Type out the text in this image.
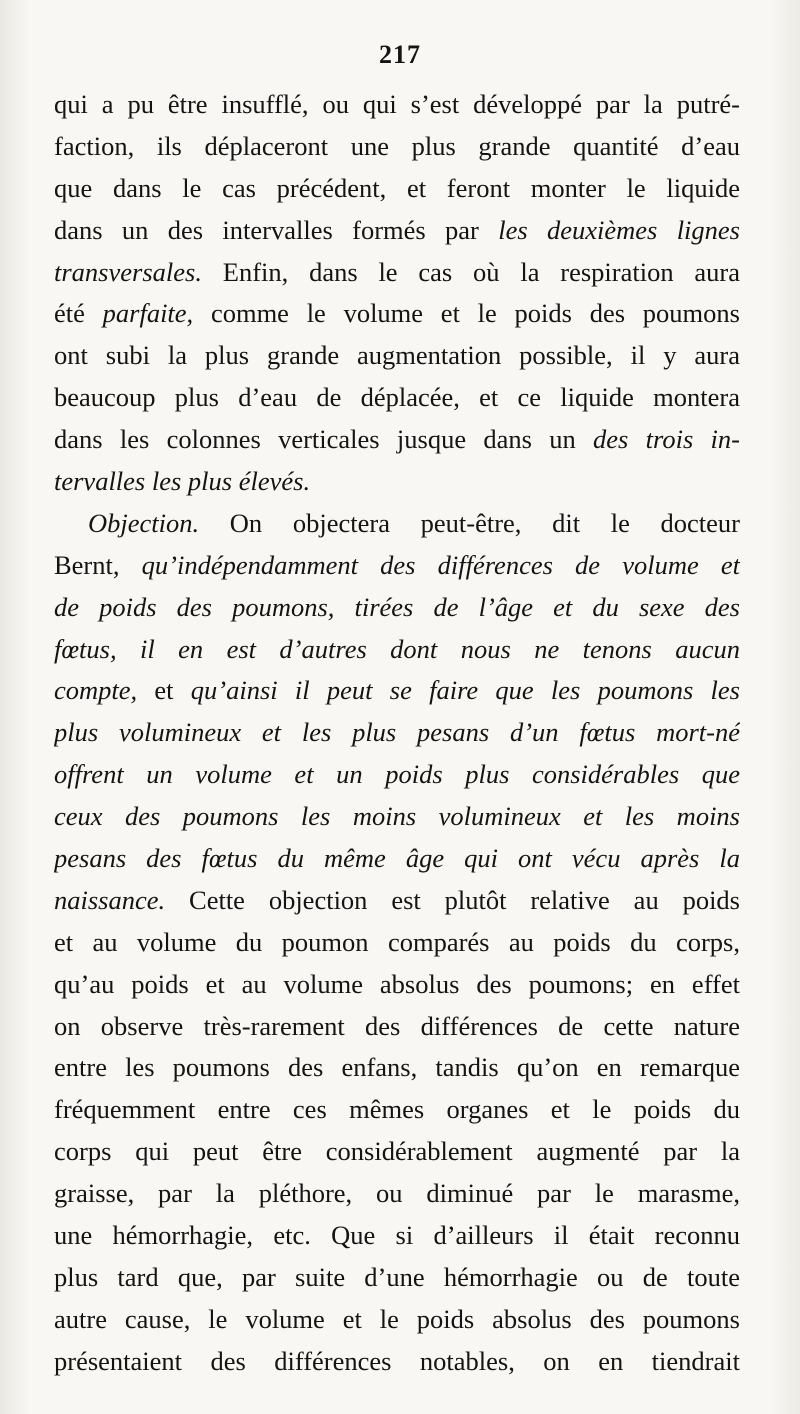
217
qui a pu être insufflé, ou qui s’est développé par la putré-
faction, ils déplaceront une plus grande quantité d’eau
que dans le cas précédent, et feront monter le liquide
dans un des intervalles formés par les deuxièmes lignes
transversales. Enfin, dans le cas où la respiration aura
été parfaite, comme le volume et le poids des poumons
ont subi la plus grande augmentation possible, il y aura
beaucoup plus d’eau de déplacée, et ce liquide montera
dans les colonnes verticales jusque dans un des trois in-
tervalles les plus élevés.
Objection. On objectera peut-être, dit le docteur
Bernt, qu’indépendamment des différences de volume et
de poids des poumons, tirées de l’âge et du sexe des
fœtus, il en est d’autres dont nous ne tenons aucun
compte, et qu’ainsi il peut se faire que les poumons les
plus volumineux et les plus pesans d’un fœtus mort-né
offrent un volume et un poids plus considérables que
ceux des poumons les moins volumineux et les moins
pesans des fœtus du même âge qui ont vécu après la
naissance. Cette objection est plutôt relative au poids
et au volume du poumon comparés au poids du corps,
qu’au poids et au volume absolus des poumons; en effet
on observe très-rarement des différences de cette nature
entre les poumons des enfans, tandis qu’on en remarque
fréquemment entre ces mêmes organes et le poids du
corps qui peut être considérablement augmenté par la
graisse, par la pléthore, ou diminué par le marasme,
une hémorrhagie, etc. Que si d’ailleurs il était reconnu
plus tard que, par suite d’une hémorrhagie ou de toute
autre cause, le volume et le poids absolus des poumons
présentaient des différences notables, on en tiendrait
